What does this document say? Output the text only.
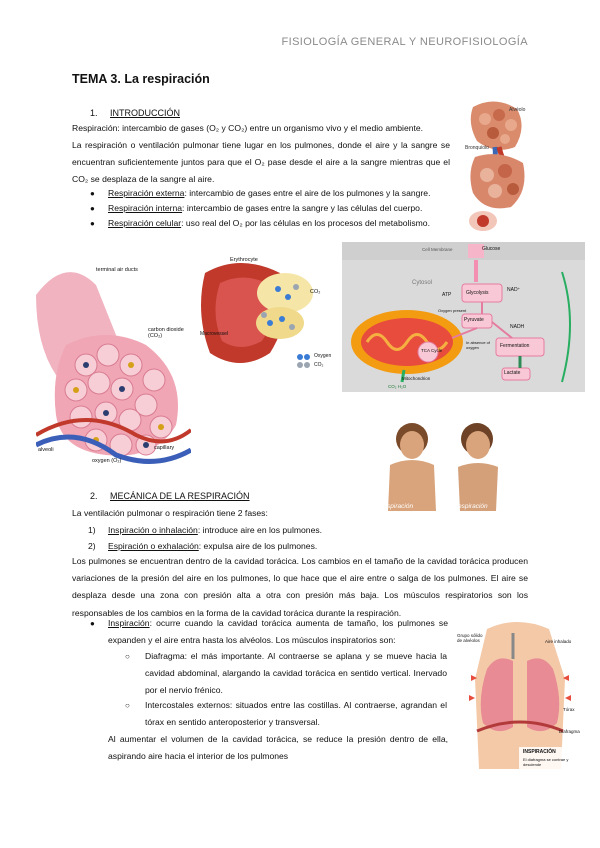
FISIOLOGÍA GENERAL Y NEUROFISIOLOGÍA
TEMA 3. La respiración
1. INTRODUCCIÓN
Respiración: intercambio de gases (O₂ y CO₂) entre un organismo vivo y el medio ambiente.
La respiración o ventilación pulmonar tiene lugar en los pulmones, donde el aire y la sangre se encuentran suficientemente juntos para que el O₂ pase desde el aire a la sangre mientras que el CO₂ se desplaza de la sangre al aire.
● Respiración externa: intercambio de gases entre el aire de los pulmones y la sangre.
● Respiración interna: intercambio de gases entre la sangre y las células del cuerpo.
● Respiración celular: uso real del O₂ por las células en los procesos del metabolismo.
Alvéolo
Bronquiolo
terminal air ducts
carbon dioxide (CO₂)
alveoli
oxygen (O₂)
capillary
Erythrocyte
CO₂
Macrovessel
Oxygen
CO₂
Cell Membrane	Glucose
Cytosol
Glycolysis
Pyruvate
Fermentation
Lactate
TCA Cycle
Mitochondrion
ATP
NAD⁺
NADH
Oxygen present
In absence of oxygen
CO₂ H₂O
inspiración	espiración
2. MECÁNICA DE LA RESPIRACIÓN
La ventilación pulmonar o respiración tiene 2 fases:
1) Inspiración o inhalación: introduce aire en los pulmones.
2) Espiración o exhalación: expulsa aire de los pulmones.
Los pulmones se encuentran dentro de la cavidad torácica. Los cambios en el tamaño de la cavidad torácica producen variaciones de la presión del aire en los pulmones, lo que hace que el aire entre o salga de los pulmones. El aire se desplaza desde una zona con presión alta a otra con presión más baja. Los músculos respiratorios son los responsables de los cambios en la forma de la cavidad torácica durante la respiración.
● Inspiración: ocurre cuando la cavidad torácica aumenta de tamaño, los pulmones se expanden y el aire entra hasta los alvéolos. Los músculos inspiratorios son:
○ Diafragma: el más importante. Al contraerse se aplana y se mueve hacia la cavidad abdominal, alargando la cavidad torácica en sentido vertical. Inervado por el nervio frénico.
○ Intercostales externos: situados entre las costillas. Al contraerse, agrandan el tórax en sentido anteroposterior y transversal.
Al aumentar el volumen de la cavidad torácica, se reduce la presión dentro de ella, aspirando aire hacia el interior de los pulmones
Grupo sólido de alvéolos	Aire inhalado
Tórax
Diafragma
INSPIRACIÓN
El diafragma se contrae y desciende
